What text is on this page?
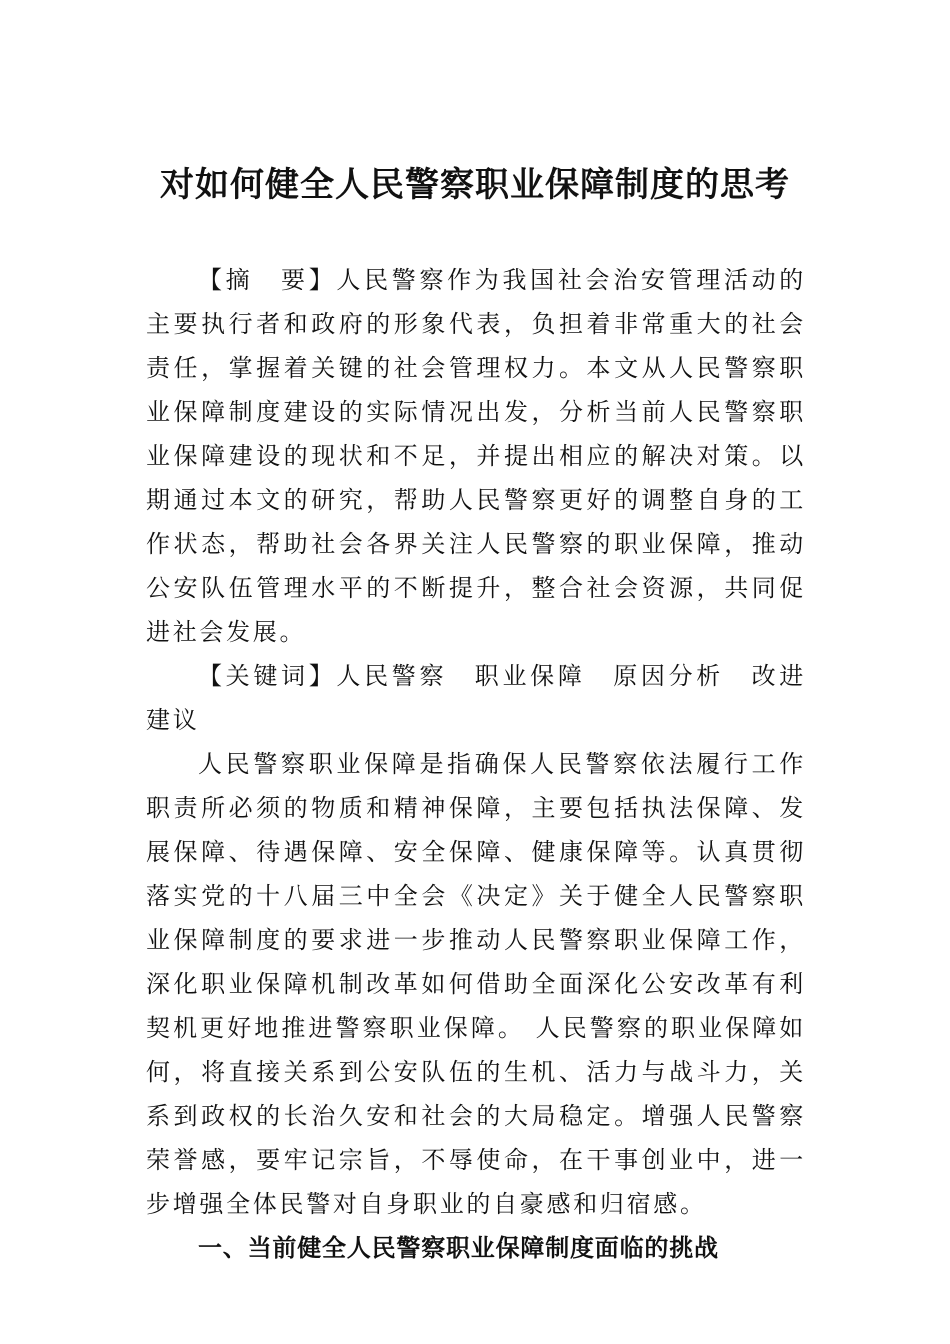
对如何健全人民警察职业保障制度的思考

【摘　要】人民警察作为我国社会治安管理活动的主要执行者和政府的形象代表，负担着非常重大的社会责任，掌握着关键的社会管理权力。本文从人民警察职业保障制度建设的实际情况出发，分析当前人民警察职业保障建设的现状和不足，并提出相应的解决对策。以期通过本文的研究，帮助人民警察更好的调整自身的工作状态，帮助社会各界关注人民警察的职业保障，推动公安队伍管理水平的不断提升，整合社会资源，共同促进社会发展。

【关键词】人民警察　职业保障　原因分析　改进建议

人民警察职业保障是指确保人民警察依法履行工作职责所必须的物质和精神保障，主要包括执法保障、发展保障、待遇保障、安全保障、健康保障等。认真贯彻落实党的十八届三中全会《决定》关于健全人民警察职业保障制度的要求进一步推动人民警察职业保障工作，深化职业保障机制改革如何借助全面深化公安改革有利契机更好地推进警察职业保障。 人民警察的职业保障如何，将直接关系到公安队伍的生机、活力与战斗力，关系到政权的长治久安和社会的大局稳定。增强人民警察荣誉感，要牢记宗旨，不辱使命，在干事创业中，进一步增强全体民警对自身职业的自豪感和归宿感。

一、当前健全人民警察职业保障制度面临的挑战
